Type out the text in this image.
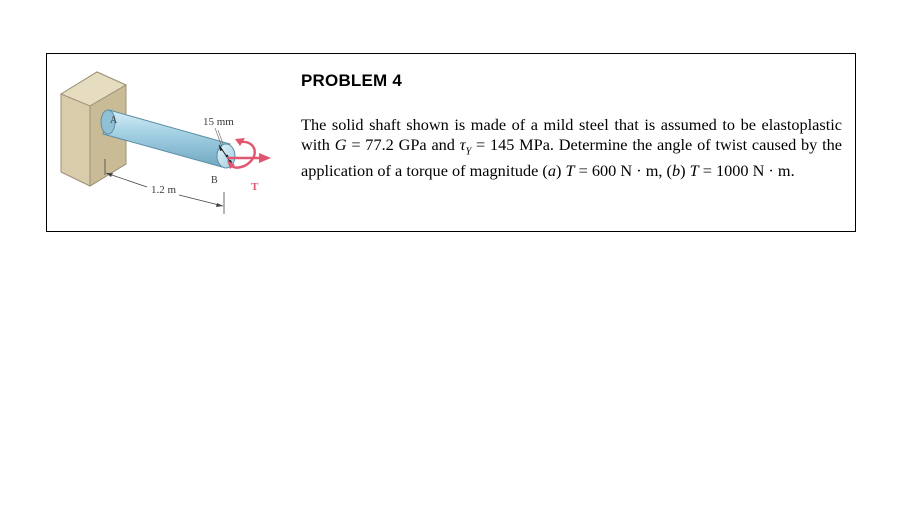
A	15 mm
B
1.2 m	T
PROBLEM 4

The solid shaft shown is made of a mild steel that is assumed to be elastoplastic with G = 77.2 GPa and $\tau_Y = 145$ MPa. Determine the angle of twist caused by the application of a torque of magnitude (a) T = 600 N · m, (b) T = 1000 N · m.
